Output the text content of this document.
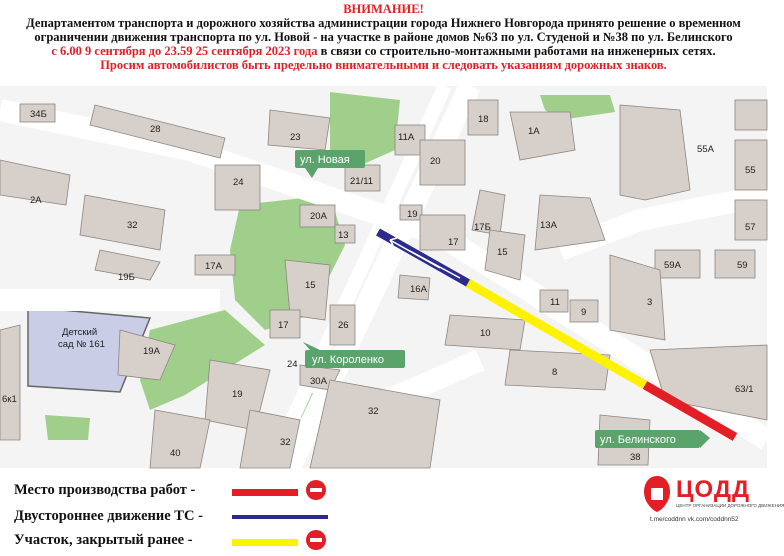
ВНИМАНИЕ!
Департаментом транспорта и дорожного хозяйства администрации города Нижнего Новгорода принято решение о временном
ограничении движения транспорта по ул. Новой - на участке в районе домов №63 по ул. Студеной и №38 по ул. Белинского
с 6.00 9 сентября до 23.59 25 сентября 2023 года в связи со строительно-монтажными работами на инженерных сетях.
Просим автомобилистов быть предельно внимательными и следовать указаниям дорожных знаков.
34Б
28
23	11А
18
1А
55А
2А
24	21/11
20
55
32
20А
13
19
17
17Б	13А	57
19Б
17А
15	16А
15
59А	59
17	26
11
9
3
10
Детский
сад № 161
19А
24
8
30А
19
32
63/1
6к1
32
40	38
ул. Новая
ул. Короленко
ул. Белинского
Место производства работ -
Двустороннее движение ТС -
Участок, закрытый ранее -
ЦОДД
ЦЕНТР ОРГАНИЗАЦИИ ДОРОЖНОГО ДВИЖЕНИЯ
t.me/coddnn vk.com/coddnn52
